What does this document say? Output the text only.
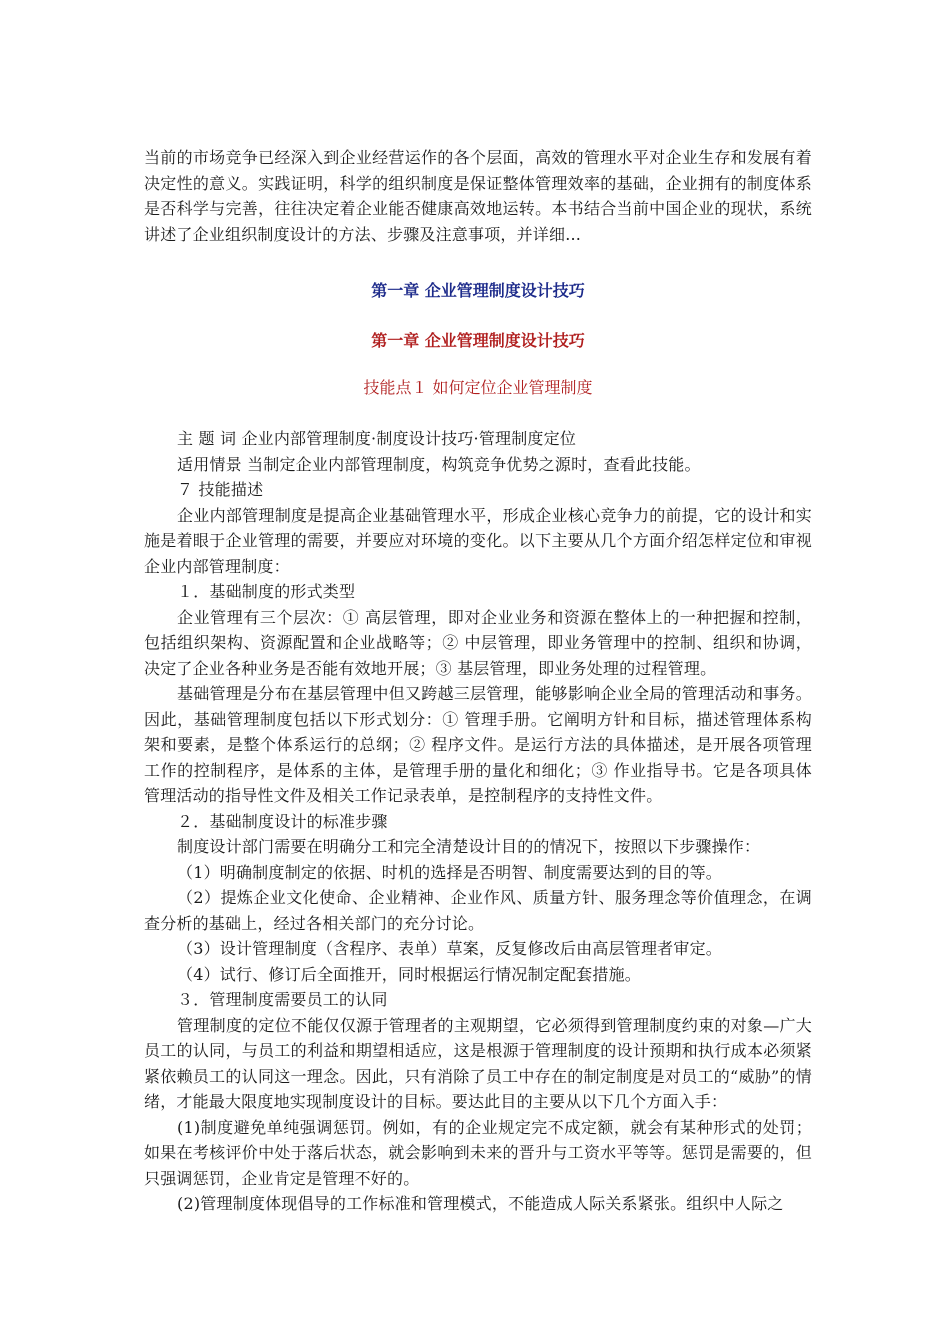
当前的市场竞争已经深入到企业经营运作的各个层面，高效的管理水平对企业生存和发展有着决定性的意义。实践证明，科学的组织制度是保证整体管理效率的基础，企业拥有的制度体系是否科学与完善，往往决定着企业能否健康高效地运转。本书结合当前中国企业的现状，系统讲述了企业组织制度设计的方法、步骤及注意事项，并详细...

第一章 企业管理制度设计技巧

第一章 企业管理制度设计技巧

技能点１ 如何定位企业管理制度

主 题 词 企业内部管理制度·制度设计技巧·管理制度定位

适用情景 当制定企业内部管理制度，构筑竞争优势之源时，查看此技能。

７ 技能描述

企业内部管理制度是提高企业基础管理水平，形成企业核心竞争力的前提，它的设计和实施是着眼于企业管理的需要，并要应对环境的变化。以下主要从几个方面介绍怎样定位和审视企业内部管理制度：

１．基础制度的形式类型

企业管理有三个层次：① 高层管理，即对企业业务和资源在整体上的一种把握和控制，包括组织架构、资源配置和企业战略等；② 中层管理，即业务管理中的控制、组织和协调，决定了企业各种业务是否能有效地开展；③ 基层管理，即业务处理的过程管理。

基础管理是分布在基层管理中但又跨越三层管理，能够影响企业全局的管理活动和事务。因此，基础管理制度包括以下形式划分：① 管理手册。它阐明方针和目标，描述管理体系构架和要素，是整个体系运行的总纲；② 程序文件。是运行方法的具体描述，是开展各项管理工作的控制程序，是体系的主体，是管理手册的量化和细化；③ 作业指导书。它是各项具体管理活动的指导性文件及相关工作记录表单，是控制程序的支持性文件。

２．基础制度设计的标准步骤

制度设计部门需要在明确分工和完全清楚设计目的的情况下，按照以下步骤操作：

（1）明确制度制定的依据、时机的选择是否明智、制度需要达到的目的等。

（2）提炼企业文化使命、企业精神、企业作风、质量方针、服务理念等价值理念，在调查分析的基础上，经过各相关部门的充分讨论。

（3）设计管理制度（含程序、表单）草案，反复修改后由高层管理者审定。

（4）试行、修订后全面推开，同时根据运行情况制定配套措施。

３．管理制度需要员工的认同

管理制度的定位不能仅仅源于管理者的主观期望，它必须得到管理制度约束的对象—广大员工的认同，与员工的利益和期望相适应，这是根源于管理制度的设计预期和执行成本必须紧紧依赖员工的认同这一理念。因此，只有消除了员工中存在的制定制度是对员工的“威胁”的情绪，才能最大限度地实现制度设计的目标。要达此目的主要从以下几个方面入手：

(1)制度避免单纯强调惩罚。例如，有的企业规定完不成定额，就会有某种形式的处罚；如果在考核评价中处于落后状态，就会影响到未来的晋升与工资水平等等。惩罚是需要的，但只强调惩罚，企业肯定是管理不好的。

(2)管理制度体现倡导的工作标准和管理模式，不能造成人际关系紧张。组织中人际之
